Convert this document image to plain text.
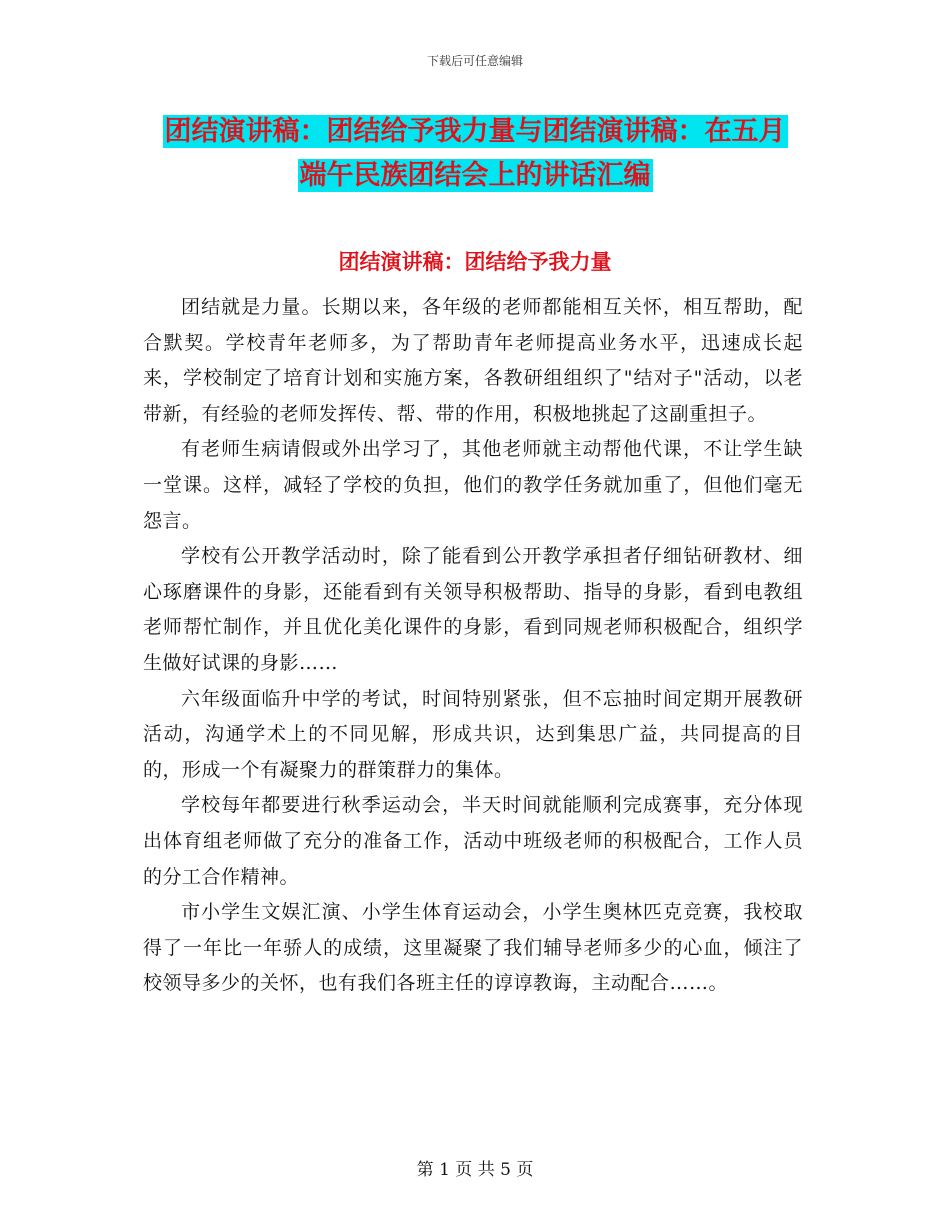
下载后可任意编辑
团结演讲稿：团结给予我力量与团结演讲稿：在五月
端午民族团结会上的讲话汇编
团结演讲稿：团结给予我力量

团结就是力量。长期以来，各年级的老师都能相互关怀，相互帮助，配合默契。学校青年老师多，为了帮助青年老师提高业务水平，迅速成长起来，学校制定了培育计划和实施方案，各教研组组织了"结对子"活动，以老带新，有经验的老师发挥传、帮、带的作用，积极地挑起了这副重担子。

有老师生病请假或外出学习了，其他老师就主动帮他代课，不让学生缺一堂课。这样，减轻了学校的负担，他们的教学任务就加重了，但他们毫无怨言。

学校有公开教学活动时，除了能看到公开教学承担者仔细钻研教材、细心琢磨课件的身影，还能看到有关领导积极帮助、指导的身影，看到电教组老师帮忙制作，并且优化美化课件的身影，看到同规老师积极配合，组织学生做好试课的身影……

六年级面临升中学的考试，时间特别紧张，但不忘抽时间定期开展教研活动，沟通学术上的不同见解，形成共识，达到集思广益，共同提高的目的，形成一个有凝聚力的群策群力的集体。

学校每年都要进行秋季运动会，半天时间就能顺利完成赛事，充分体现出体育组老师做了充分的准备工作，活动中班级老师的积极配合，工作人员的分工合作精神。

市小学生文娱汇演、小学生体育运动会，小学生奥林匹克竞赛，我校取得了一年比一年骄人的成绩，这里凝聚了我们辅导老师多少的心血，倾注了校领导多少的关怀，也有我们各班主任的谆谆教诲，主动配合……。

第 1 页 共 5 页
